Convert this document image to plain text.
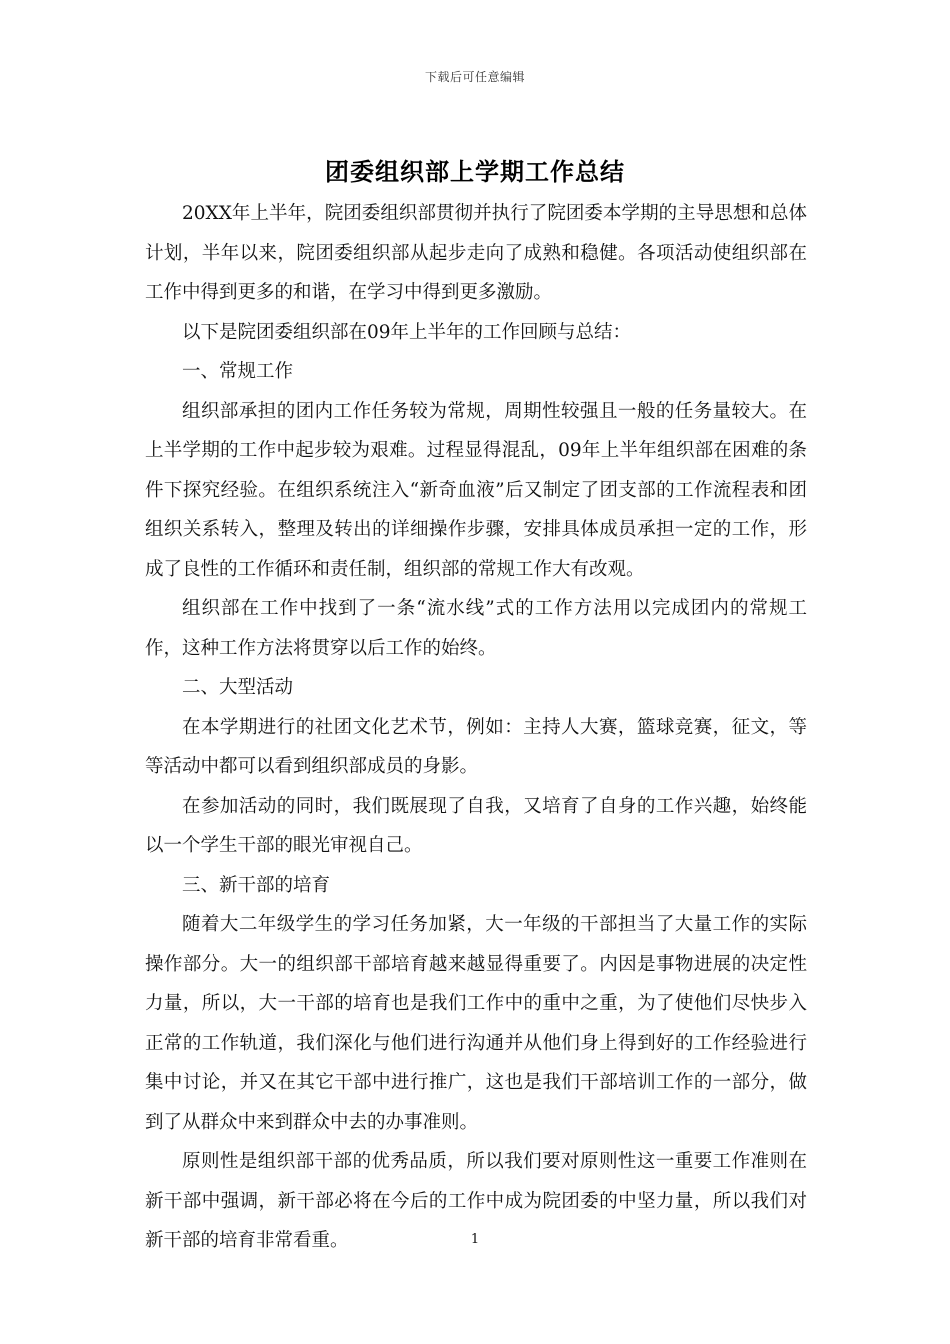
下载后可任意编辑
团委组织部上学期工作总结

20XX年上半年，院团委组织部贯彻并执行了院团委本学期的主导思想和总体计划，半年以来，院团委组织部从起步走向了成熟和稳健。各项活动使组织部在工作中得到更多的和谐，在学习中得到更多激励。

以下是院团委组织部在09年上半年的工作回顾与总结：

一、常规工作

组织部承担的团内工作任务较为常规，周期性较强且一般的任务量较大。在上半学期的工作中起步较为艰难。过程显得混乱，09年上半年组织部在困难的条件下探究经验。在组织系统注入“新奇血液”后又制定了团支部的工作流程表和团组织关系转入，整理及转出的详细操作步骤，安排具体成员承担一定的工作，形成了良性的工作循环和责任制，组织部的常规工作大有改观。

组织部在工作中找到了一条“流水线”式的工作方法用以完成团内的常规工作，这种工作方法将贯穿以后工作的始终。

二、大型活动

在本学期进行的社团文化艺术节，例如：主持人大赛，篮球竞赛，征文，等等活动中都可以看到组织部成员的身影。

在参加活动的同时，我们既展现了自我，又培育了自身的工作兴趣，始终能以一个学生干部的眼光审视自己。

三、新干部的培育

随着大二年级学生的学习任务加紧，大一年级的干部担当了大量工作的实际操作部分。大一的组织部干部培育越来越显得重要了。内因是事物进展的决定性力量，所以，大一干部的培育也是我们工作中的重中之重，为了使他们尽快步入正常的工作轨道，我们深化与他们进行沟通并从他们身上得到好的工作经验进行集中讨论，并又在其它干部中进行推广，这也是我们干部培训工作的一部分，做到了从群众中来到群众中去的办事准则。

原则性是组织部干部的优秀品质，所以我们要对原则性这一重要工作准则在新干部中强调，新干部必将在今后的工作中成为院团委的中坚力量，所以我们对新干部的培育非常看重。	1
